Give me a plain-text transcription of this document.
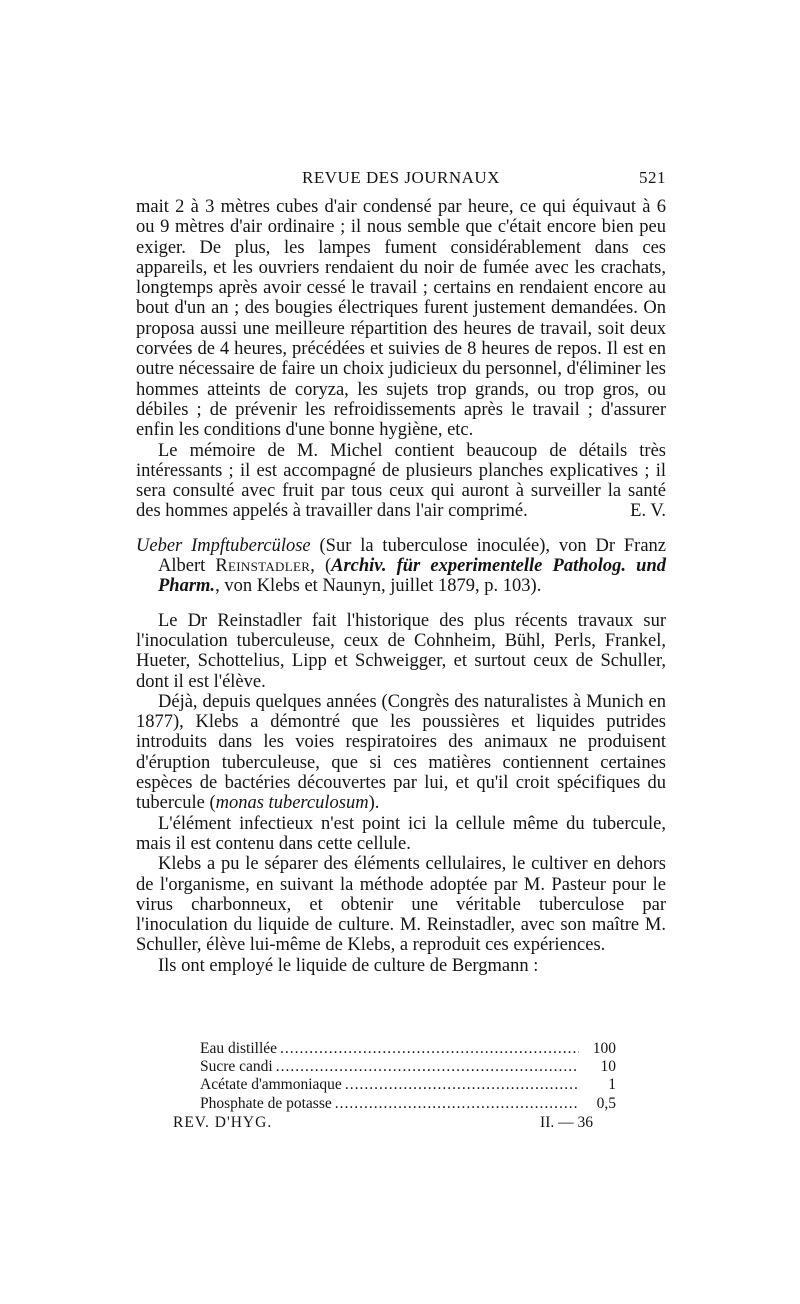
REVUE DES JOURNAUX	521

mait 2 à 3 mètres cubes d'air condensé par heure, ce qui équivaut à 6 ou 9 mètres d'air ordinaire ; il nous semble que c'était encore bien peu exiger. De plus, les lampes fument considérablement dans ces appareils, et les ouvriers rendaient du noir de fumée avec les crachats, longtemps après avoir cessé le travail ; certains en rendaient encore au bout d'un an ; des bougies électriques furent justement demandées. On proposa aussi une meilleure répartition des heures de travail, soit deux corvées de 4 heures, précédées et suivies de 8 heures de repos. Il est en outre nécessaire de faire un choix judicieux du personnel, d'éliminer les hommes atteints de coryza, les sujets trop grands, ou trop gros, ou débiles ; de prévenir les refroidissements après le travail ; d'assurer enfin les conditions d'une bonne hygiène, etc.

Le mémoire de M. Michel contient beaucoup de détails très intéressants ; il est accompagné de plusieurs planches explicatives ; il sera consulté avec fruit par tous ceux qui auront à surveiller la santé des hommes appelés à travailler dans l'air comprimé.	E. V.

Ueber Impftubercülose (Sur la tuberculose inoculée), von Dr Franz Albert Reinstadler, (Archiv. für experimentelle Patholog. und Pharm., von Klebs et Naunyn, juillet 1879, p. 103).

Le Dr Reinstadler fait l'historique des plus récents travaux sur l'inoculation tuberculeuse, ceux de Cohnheim, Bühl, Perls, Frankel, Hueter, Schottelius, Lipp et Schweigger, et surtout ceux de Schuller, dont il est l'élève.

Déjà, depuis quelques années (Congrès des naturalistes à Munich en 1877), Klebs a démontré que les poussières et liquides putrides introduits dans les voies respiratoires des animaux ne produisent d'éruption tuberculeuse, que si ces matières contiennent certaines espèces de bactéries découvertes par lui, et qu'il croit spécifiques du tubercule (monas tuberculosum).

L'élément infectieux n'est point ici la cellule même du tubercule, mais il est contenu dans cette cellule.

Klebs a pu le séparer des éléments cellulaires, le cultiver en dehors de l'organisme, en suivant la méthode adoptée par M. Pasteur pour le virus charbonneux, et obtenir une véritable tuberculose par l'inoculation du liquide de culture. M. Reinstadler, avec son maître M. Schuller, élève lui-même de Klebs, a reproduit ces expériences.

Ils ont employé le liquide de culture de Bergmann :

Eau distillée .....	100
Sucre candi .....	10
Acétate d'ammoniaque .....	1
Phosphate de potasse .....	0,5
REV. D'HYG.	II. — 36
